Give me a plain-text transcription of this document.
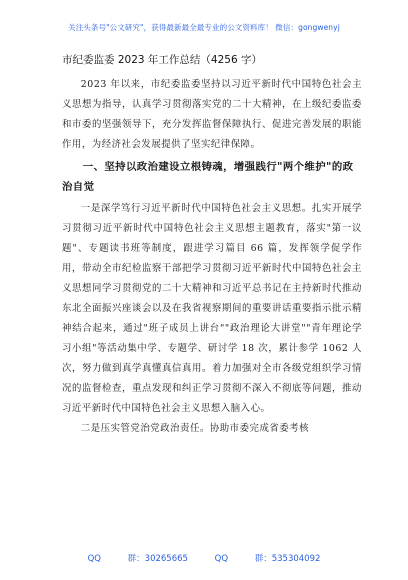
关注头条号"公文研究"，获得最新最全最专业的公文资料库！ 微信：gongwenyj

市纪委监委 2023 年工作总结（4256 字）

2023 年以来，市纪委监委坚持以习近平新时代中国特色社会主义思想为指导，认真学习贯彻落实党的二十大精神，在上级纪委监委和市委的坚强领导下，充分发挥监督保障执行、促进完善发展的职能作用，为经济社会发展提供了坚实纪律保障。

一、坚持以政治建设立根铸魂，增强践行"两个维护"的政治自觉

一是深学笃行习近平新时代中国特色社会主义思想。扎实开展学习贯彻习近平新时代中国特色社会主义思想主题教育，落实"第一议题"、专题读书班等制度，跟进学习篇目 66 篇，发挥领学促学作用，带动全市纪检监察干部把学习贯彻习近平新时代中国特色社会主义思想同学习贯彻党的二十大精神和习近平总书记在主持新时代推动东北全面振兴座谈会以及在我省视察期间的重要讲话重要指示批示精神结合起来，通过"班子成员上讲台""政治理论大讲堂""青年理论学习小组"等活动集中学、专题学、研讨学 18 次，累计参学 1062 人次，努力做到真学真懂真信真用。着力加强对全市各级党组织学习情况的监督检查，重点发现和纠正学习贯彻不深入不彻底等问题，推动习近平新时代中国特色社会主义思想入脑入心。

二是压实管党治党政治责任。协助市委完成省委考核

QQ 群：30265665 QQ 群：535304092
